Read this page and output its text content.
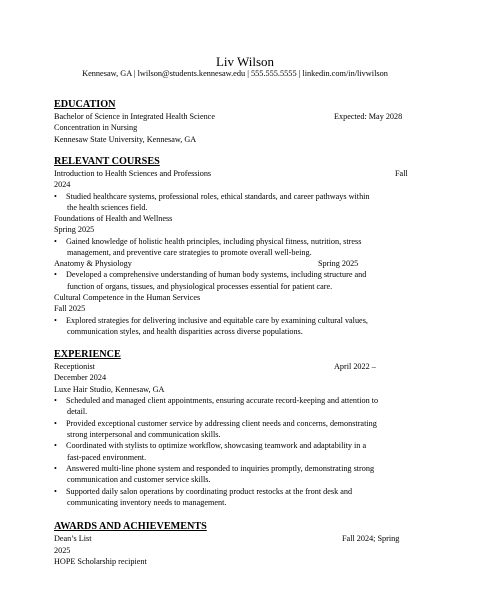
Liv Wilson
Kennesaw, GA | lwilson@students.kennesaw.edu | 555.555.5555 | linkedin.com/in/livwilson
EDUCATION
Bachelor of Science in Integrated Health Science	Expected: May 2028
Concentration in Nursing
Kennesaw State University, Kennesaw, GA
RELEVANT COURSES
Introduction to Health Sciences and Professions	Fall
2024
• Studied healthcare systems, professional roles, ethical standards, and career pathways within
the health sciences field.
Foundations of Health and Wellness
Spring 2025
• Gained knowledge of holistic health principles, including physical fitness, nutrition, stress
management, and preventive care strategies to promote overall well-being.
Anatomy & Physiology	Spring 2025
• Developed a comprehensive understanding of human body systems, including structure and
function of organs, tissues, and physiological processes essential for patient care.
Cultural Competence in the Human Services
Fall 2025
• Explored strategies for delivering inclusive and equitable care by examining cultural values,
communication styles, and health disparities across diverse populations.
EXPERIENCE
Receptionist	April 2022 –
December 2024
Luxe Hair Studio, Kennesaw, GA
• Scheduled and managed client appointments, ensuring accurate record-keeping and attention to
detail.
• Provided exceptional customer service by addressing client needs and concerns, demonstrating
strong interpersonal and communication skills.
• Coordinated with stylists to optimize workflow, showcasing teamwork and adaptability in a
fast-paced environment.
• Answered multi-line phone system and responded to inquiries promptly, demonstrating strong
communication and customer service skills.
• Supported daily salon operations by coordinating product restocks at the front desk and
communicating inventory needs to management.
AWARDS AND ACHIEVEMENTS
Dean’s List	Fall 2024; Spring
2025
HOPE Scholarship recipient
